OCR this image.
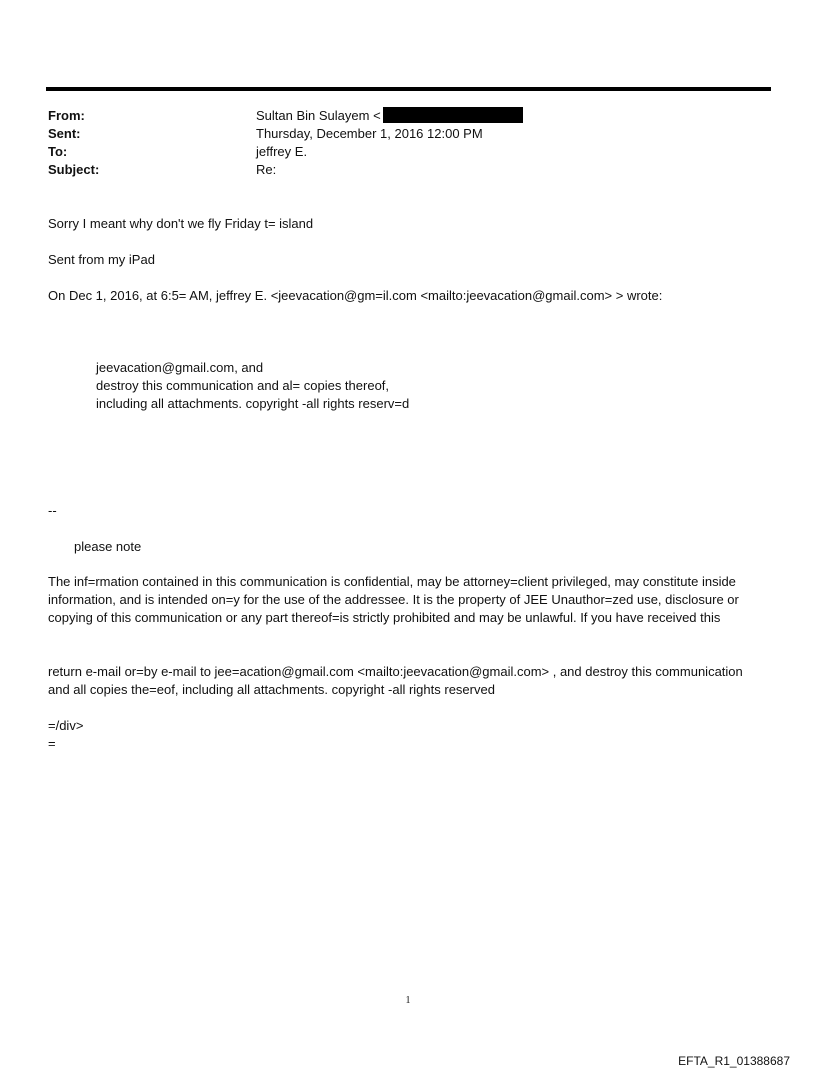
From:	Sultan Bin Sulayem <
Sent:	Thursday, December 1, 2016 12:00 PM
To:	jeffrey E.
Subject:	Re:
Sorry I meant why don't we fly Friday t= island
Sent from my iPad
On Dec 1, 2016, at 6:5= AM, jeffrey E. <jeevacation@gm=il.com <mailto:jeevacation@gmail.com> > wrote:
jeevacation@gmail.com, and
destroy this communication and al= copies thereof,
including all attachments. copyright -all rights reserv=d
--
please note
The inf=rmation contained in this communication is confidential, may be attorney=client privileged, may constitute inside information, and is intended on=y for the use of the addressee. It is the property of JEE Unauthor=zed use, disclosure or copying of this communication or any part thereof=is strictly prohibited and may be unlawful. If you have received this
return e-mail or=by e-mail to jee=acation@gmail.com <mailto:jeevacation@gmail.com> , and destroy this communication and all copies the=eof, including all attachments. copyright -all rights reserved
=/div>
=
1
EFTA_R1_01388687
